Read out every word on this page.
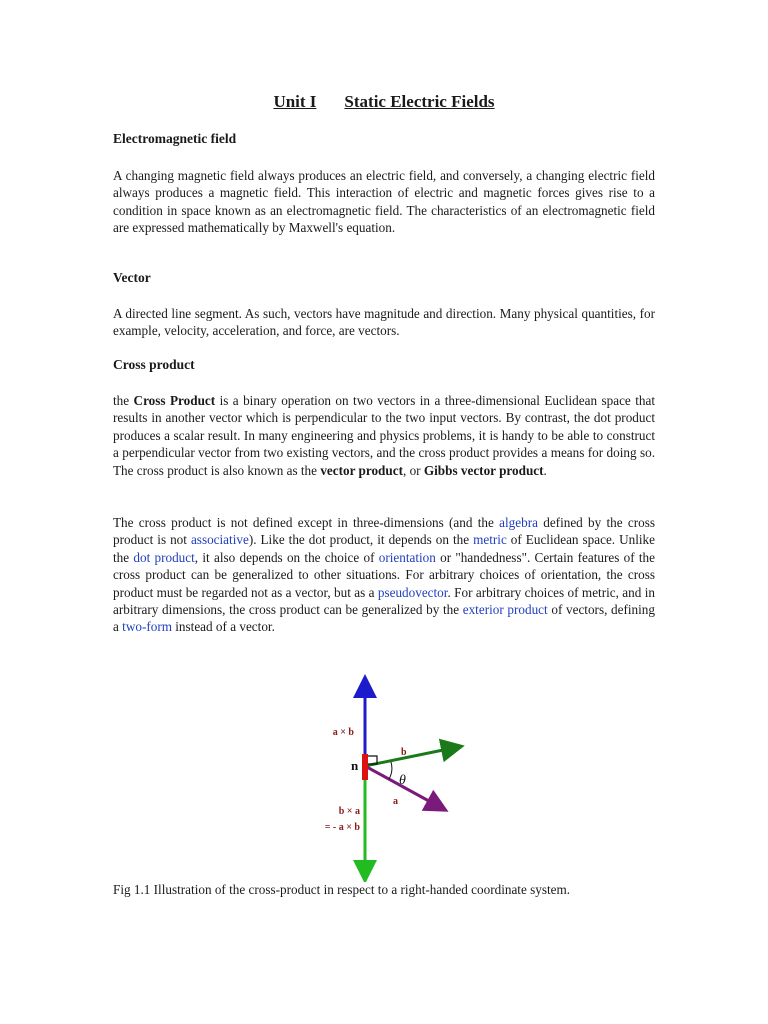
Unit I Static Electric Fields
Electromagnetic field
A changing magnetic field always produces an electric field, and conversely, a changing electric field always produces a magnetic field. This interaction of electric and magnetic forces gives rise to a condition in space known as an electromagnetic field. The characteristics of an electromagnetic field are expressed mathematically by Maxwell's equation.
Vector
A directed line segment. As such, vectors have magnitude and direction. Many physical quantities, for example, velocity, acceleration, and force, are vectors.
Cross product
the Cross Product is a binary operation on two vectors in a three-dimensional Euclidean space that results in another vector which is perpendicular to the two input vectors. By contrast, the dot product produces a scalar result. In many engineering and physics problems, it is handy to be able to construct a perpendicular vector from two existing vectors, and the cross product provides a means for doing so. The cross product is also known as the vector product, or Gibbs vector product.
The cross product is not defined except in three-dimensions (and the algebra defined by the cross product is not associative). Like the dot product, it depends on the metric of Euclidean space. Unlike the dot product, it also depends on the choice of orientation or "handedness". Certain features of the cross product can be generalized to other situations. For arbitrary choices of orientation, the cross product must be regarded not as a vector, but as a pseudovector. For arbitrary choices of metric, and in arbitrary dimensions, the cross product can be generalized by the exterior product of vectors, defining a two-form instead of a vector.
a × b
b
n
θ
a
b × a
= - a × b
Fig 1.1 Illustration of the cross-product in respect to a right-handed coordinate system.
